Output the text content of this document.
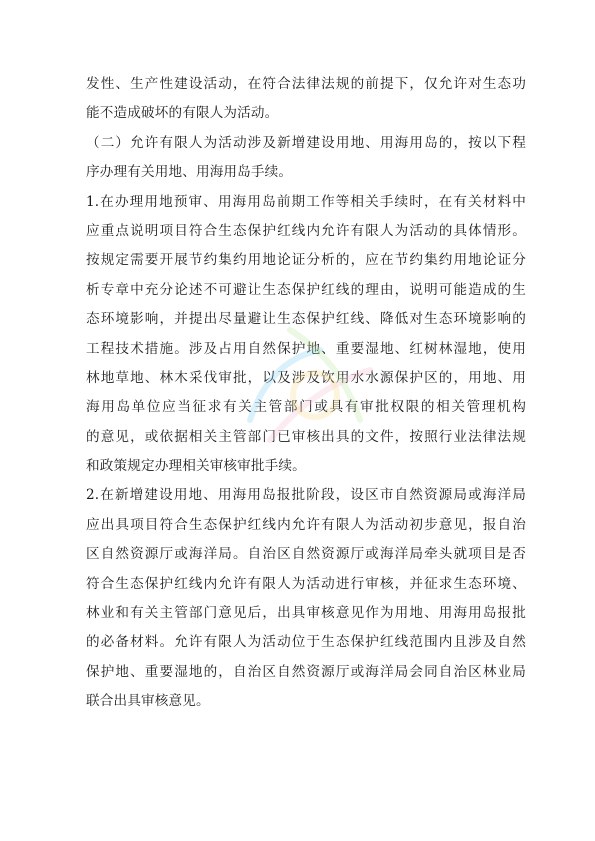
发性、生产性建设活动，在符合法律法规的前提下，仅允许对生态功
能不造成破坏的有限人为活动。
（二）允许有限人为活动涉及新增建设用地、用海用岛的，按以下程
序办理有关用地、用海用岛手续。
1.在办理用地预审、用海用岛前期工作等相关手续时，在有关材料中
应重点说明项目符合生态保护红线内允许有限人为活动的具体情形。
按规定需要开展节约集约用地论证分析的，应在节约集约用地论证分
析专章中充分论述不可避让生态保护红线的理由，说明可能造成的生
态环境影响，并提出尽量避让生态保护红线、降低对生态环境影响的
工程技术措施。涉及占用自然保护地、重要湿地、红树林湿地，使用
林地草地、林木采伐审批，以及涉及饮用水水源保护区的，用地、用
海用岛单位应当征求有关主管部门或具有审批权限的相关管理机构
的意见，或依据相关主管部门已审核出具的文件，按照行业法律法规
和政策规定办理相关审核审批手续。
2.在新增建设用地、用海用岛报批阶段，设区市自然资源局或海洋局
应出具项目符合生态保护红线内允许有限人为活动初步意见，报自治
区自然资源厅或海洋局。自治区自然资源厅或海洋局牵头就项目是否
符合生态保护红线内允许有限人为活动进行审核，并征求生态环境、
林业和有关主管部门意见后，出具审核意见作为用地、用海用岛报批
的必备材料。允许有限人为活动位于生态保护红线范围内且涉及自然
保护地、重要湿地的，自治区自然资源厅或海洋局会同自治区林业局
联合出具审核意见。
